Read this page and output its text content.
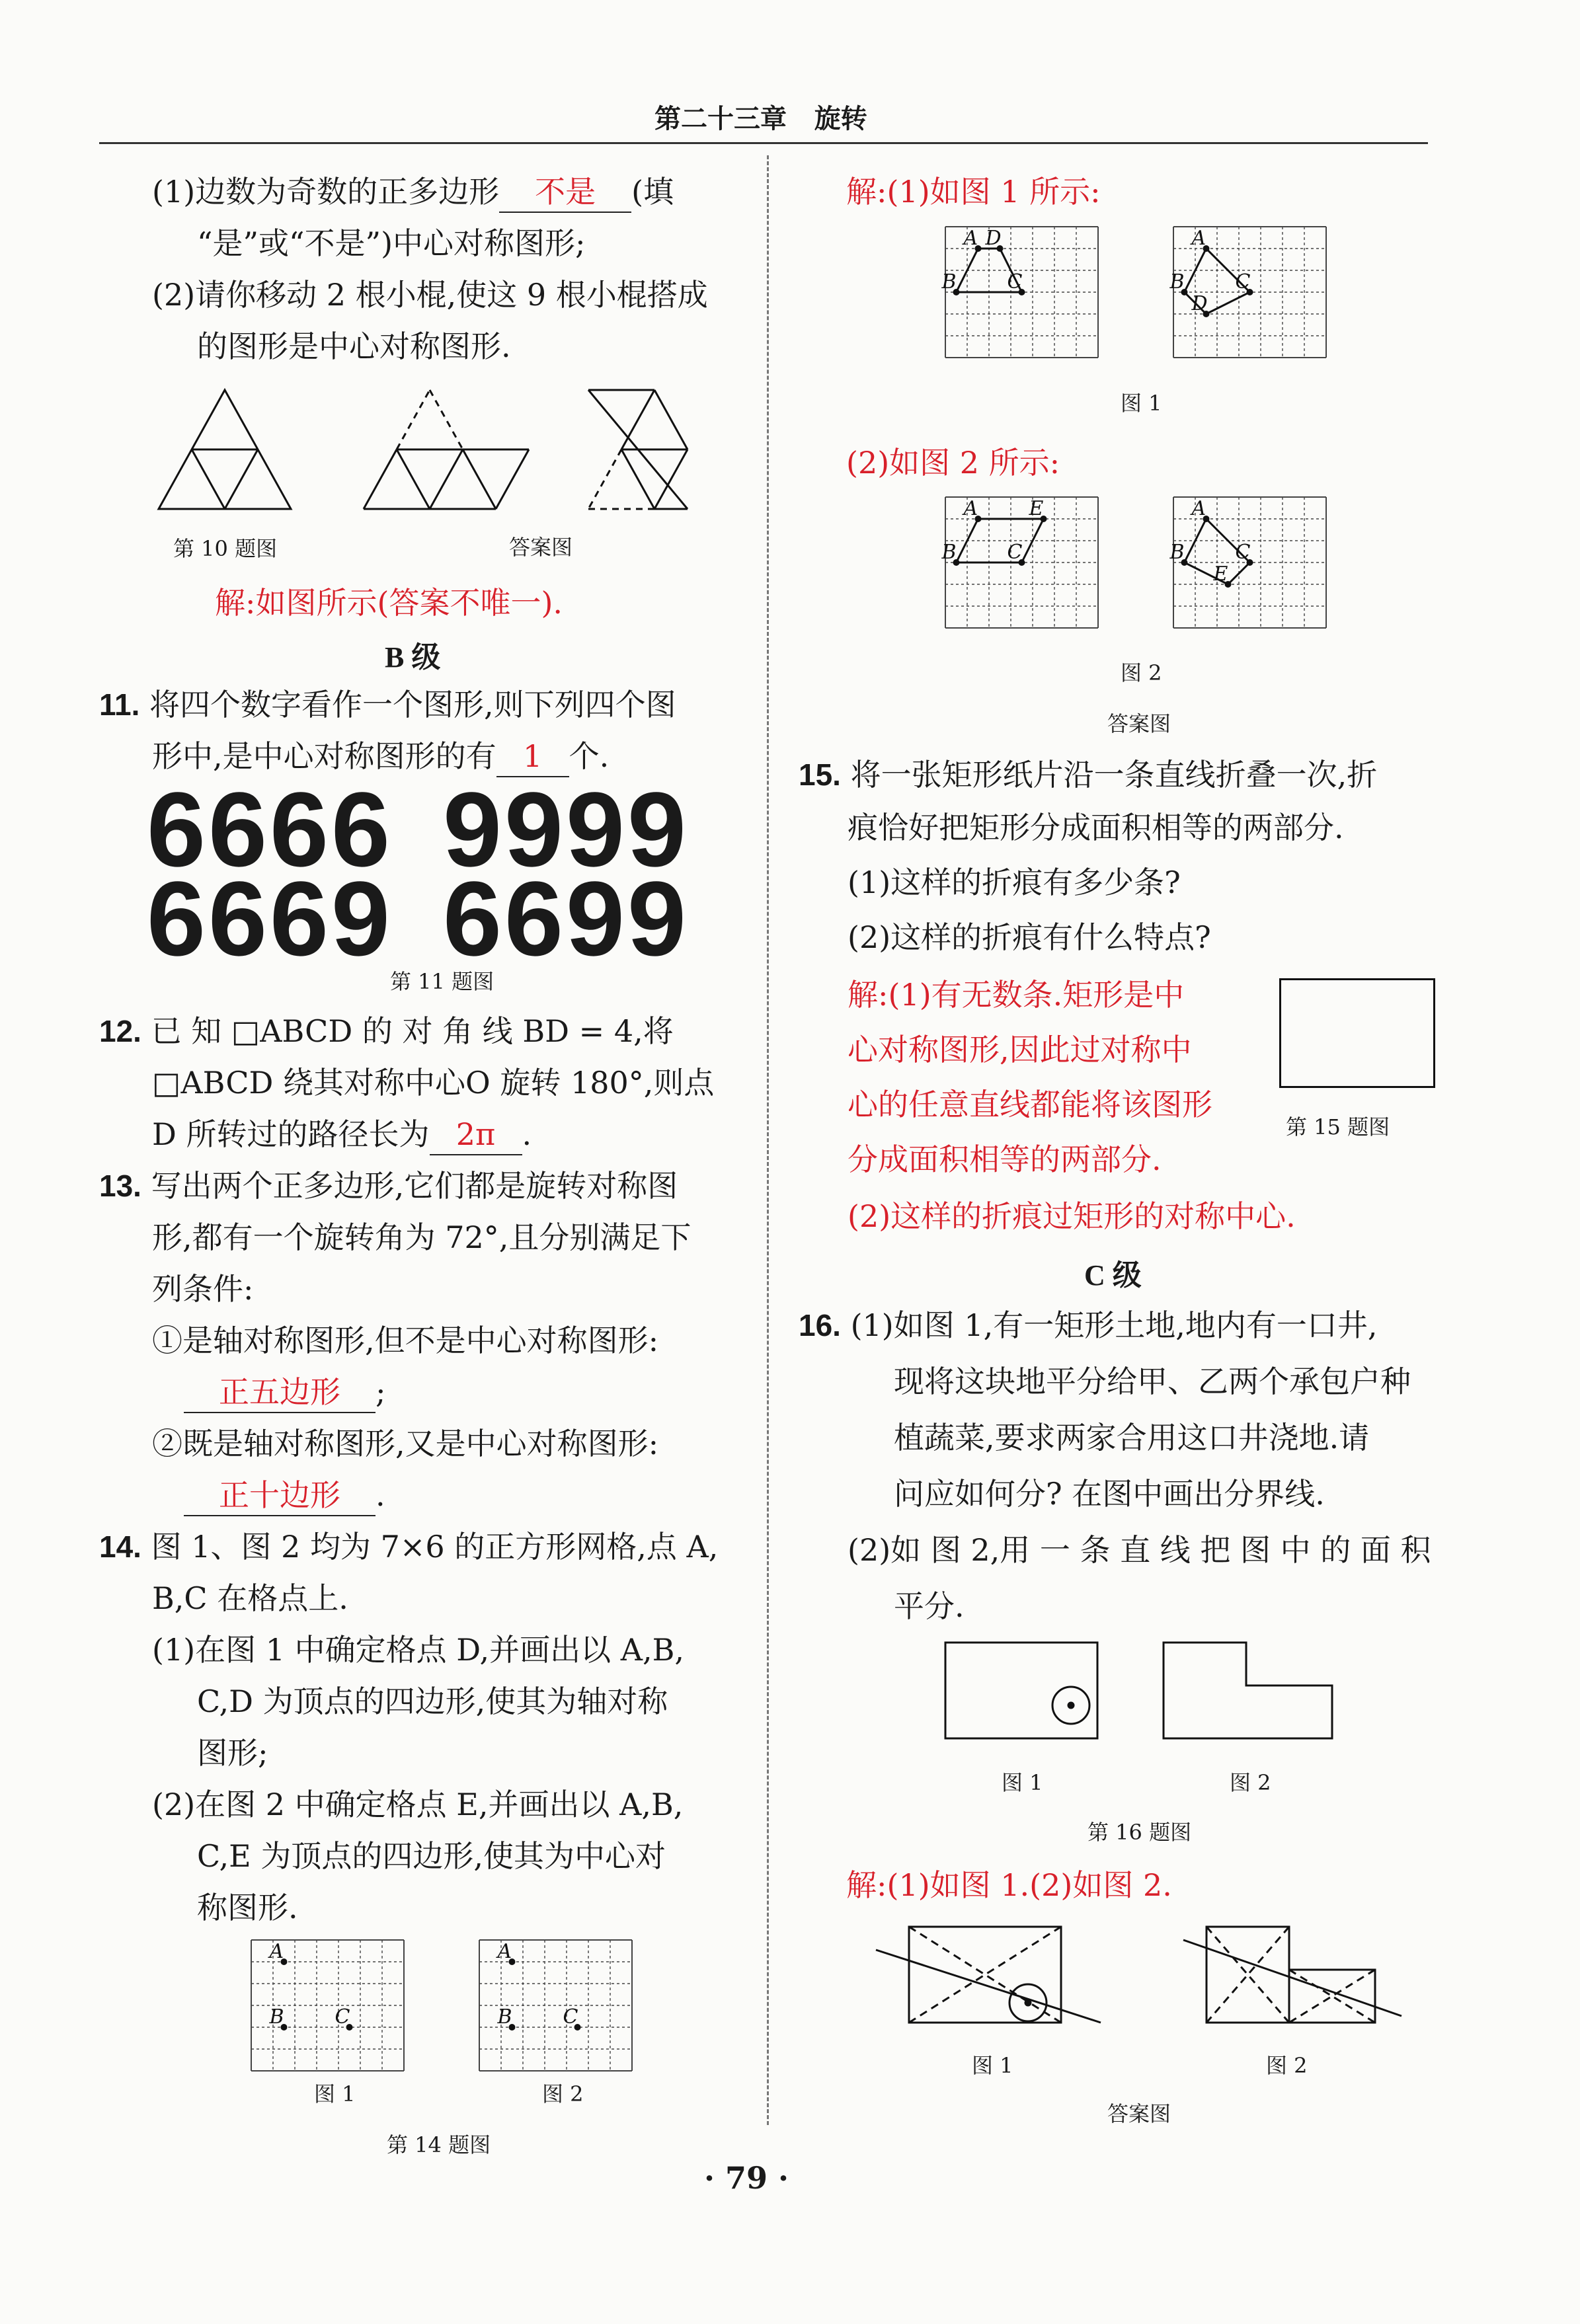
第二十三章 旋转
(1)边数为奇数的正多边形 不是 (填
“是”或“不是”)中心对称图形;
(2)请你移动 2 根小棍,使这 9 根小棍搭成
的图形是中心对称图形.
第 10 题图	答案图
解:如图所示(答案不唯一).
B 级
11. 将四个数字看作一个图形,则下列四个图
形中,是中心对称图形的有 1 个.
6666 9999
6669 6699
第 11 题图
12. 已 知 □ABCD 的 对 角 线 BD = 4,将
□ABCD 绕其对称中心O 旋转 180°,则点
D 所转过的路径长为 2π .
13. 写出两个正多边形,它们都是旋转对称图
形,都有一个旋转角为 72°,且分别满足下
列条件:
①是轴对称图形,但不是中心对称图形:
正五边形 ;
②既是轴对称图形,又是中心对称图形:
正十边形 .
14. 图 1、图 2 均为 7×6 的正方形网格,点 A,
B,C 在格点上.
(1)在图 1 中确定格点 D,并画出以 A,B,
C,D 为顶点的四边形,使其为轴对称
图形;
(2)在图 2 中确定格点 E,并画出以 A,B,
C,E 为顶点的四边形,使其为中心对
称图形.
A
B	C
A
B	C
图 1	图 2
第 14 题图
解:(1)如图 1 所示:
A D
B	C
A
B	C
D
图 1
(2)如图 2 所示:
A	E
B	C
A
C
E
B
图 2
答案图
15. 将一张矩形纸片沿一条直线折叠一次,折
痕恰好把矩形分成面积相等的两部分.
(1)这样的折痕有多少条?
(2)这样的折痕有什么特点?
解:(1)有无数条.矩形是中
心对称图形,因此过对称中
心的任意直线都能将该图形
分成面积相等的两部分.
第 15 题图
(2)这样的折痕过矩形的对称中心.
C 级
16. (1)如图 1,有一矩形土地,地内有一口井,
现将这块地平分给甲、乙两个承包户种
植蔬菜,要求两家合用这口井浇地.请
问应如何分? 在图中画出分界线.
(2)如 图 2,用 一 条 直 线 把 图 中 的 面 积
平分.
图 1	图 2
第 16 题图
解:(1)如图 1.(2)如图 2.
图 1	图 2
答案图
· 79 ·
